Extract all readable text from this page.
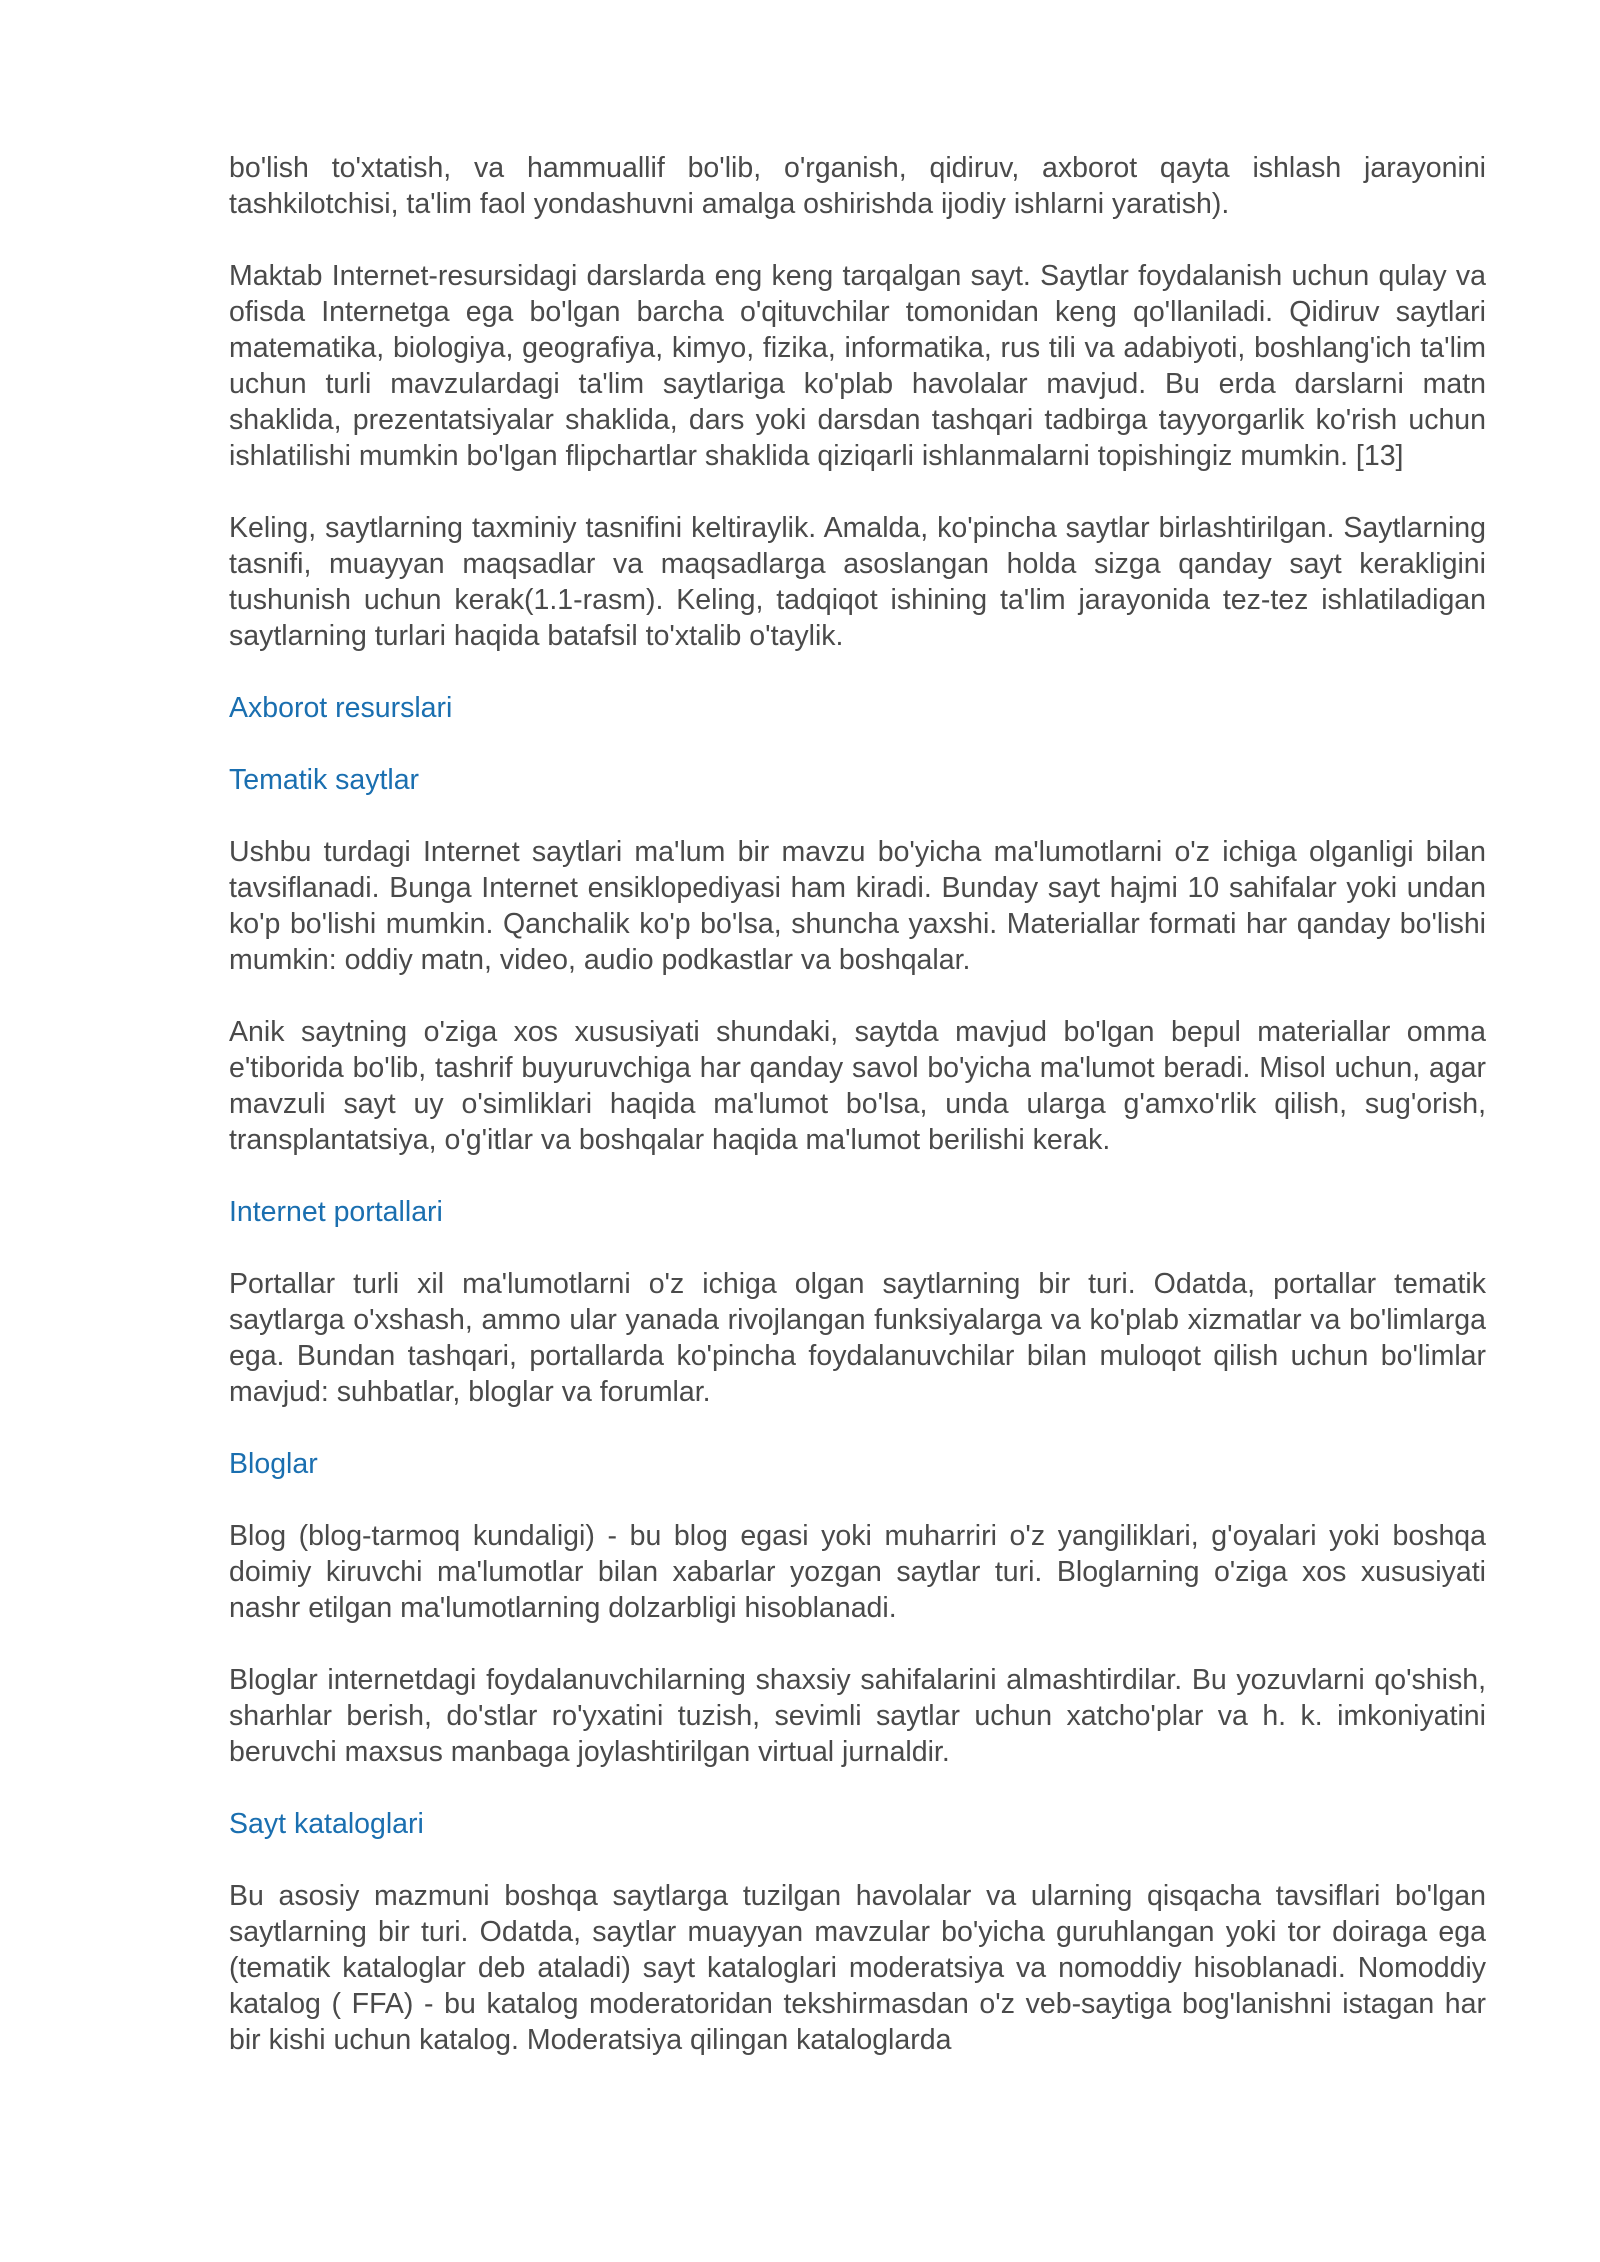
bo'lish to'xtatish, va hammuallif bo'lib, o'rganish, qidiruv, axborot qayta ishlash jarayonini tashkilotchisi, ta'lim faol yondashuvni amalga oshirishda ijodiy ishlarni yaratish).

Maktab Internet-resursidagi darslarda eng keng tarqalgan sayt. Saytlar foydalanish uchun qulay va ofisda Internetga ega bo'lgan barcha o'qituvchilar tomonidan keng qo'llaniladi. Qidiruv saytlari matematika, biologiya, geografiya, kimyo, fizika, informatika, rus tili va adabiyoti, boshlang'ich ta'lim uchun turli mavzulardagi ta'lim saytlariga ko'plab havolalar mavjud. Bu erda darslarni matn shaklida, prezentatsiyalar shaklida, dars yoki darsdan tashqari tadbirga tayyorgarlik ko'rish uchun ishlatilishi mumkin bo'lgan flipchartlar shaklida qiziqarli ishlanmalarni topishingiz mumkin. [13]

Keling, saytlarning taxminiy tasnifini keltiraylik. Amalda, ko'pincha saytlar birlashtirilgan. Saytlarning tasnifi, muayyan maqsadlar va maqsadlarga asoslangan holda sizga qanday sayt kerakligini tushunish uchun kerak(1.1-rasm). Keling, tadqiqot ishining ta'lim jarayonida tez-tez ishlatiladigan saytlarning turlari haqida batafsil to'xtalib o'taylik.

Axborot resurslari
Tematik saytlar

Ushbu turdagi Internet saytlari ma'lum bir mavzu bo'yicha ma'lumotlarni o'z ichiga olganligi bilan tavsiflanadi. Bunga Internet ensiklopediyasi ham kiradi. Bunday sayt hajmi 10 sahifalar yoki undan ko'p bo'lishi mumkin. Qanchalik ko'p bo'lsa, shuncha yaxshi. Materiallar formati har qanday bo'lishi mumkin: oddiy matn, video, audio podkastlar va boshqalar.

Anik saytning o'ziga xos xususiyati shundaki, saytda mavjud bo'lgan bepul materiallar omma e'tiborida bo'lib, tashrif buyuruvchiga har qanday savol bo'yicha ma'lumot beradi. Misol uchun, agar mavzuli sayt uy o'simliklari haqida ma'lumot bo'lsa, unda ularga g'amxo'rlik qilish, sug'orish, transplantatsiya, o'g'itlar va boshqalar haqida ma'lumot berilishi kerak.

Internet portallari

Portallar turli xil ma'lumotlarni o'z ichiga olgan saytlarning bir turi. Odatda, portallar tematik saytlarga o'xshash, ammo ular yanada rivojlangan funksiyalarga va ko'plab xizmatlar va bo'limlarga ega. Bundan tashqari, portallarda ko'pincha foydalanuvchilar bilan muloqot qilish uchun bo'limlar mavjud: suhbatlar, bloglar va forumlar.

Bloglar

Blog (blog-tarmoq kundaligi) - bu blog egasi yoki muharriri o'z yangiliklari, g'oyalari yoki boshqa doimiy kiruvchi ma'lumotlar bilan xabarlar yozgan saytlar turi. Bloglarning o'ziga xos xususiyati nashr etilgan ma'lumotlarning dolzarbligi hisoblanadi.

Bloglar internetdagi foydalanuvchilarning shaxsiy sahifalarini almashtirdilar. Bu yozuvlarni qo'shish, sharhlar berish, do'stlar ro'yxatini tuzish, sevimli saytlar uchun xatcho'plar va h. k. imkoniyatini beruvchi maxsus manbaga joylashtirilgan virtual jurnaldir.

Sayt kataloglari

Bu asosiy mazmuni boshqa saytlarga tuzilgan havolalar va ularning qisqacha tavsiflari bo'lgan saytlarning bir turi. Odatda, saytlar muayyan mavzular bo'yicha guruhlangan yoki tor doiraga ega (tematik kataloglar deb ataladi) sayt kataloglari moderatsiya va nomoddiy hisoblanadi. Nomoddiy katalog ( FFA) - bu katalog moderatoridan tekshirmasdan o'z veb-saytiga bog'lanishni istagan har bir kishi uchun katalog. Moderatsiya qilingan kataloglarda
